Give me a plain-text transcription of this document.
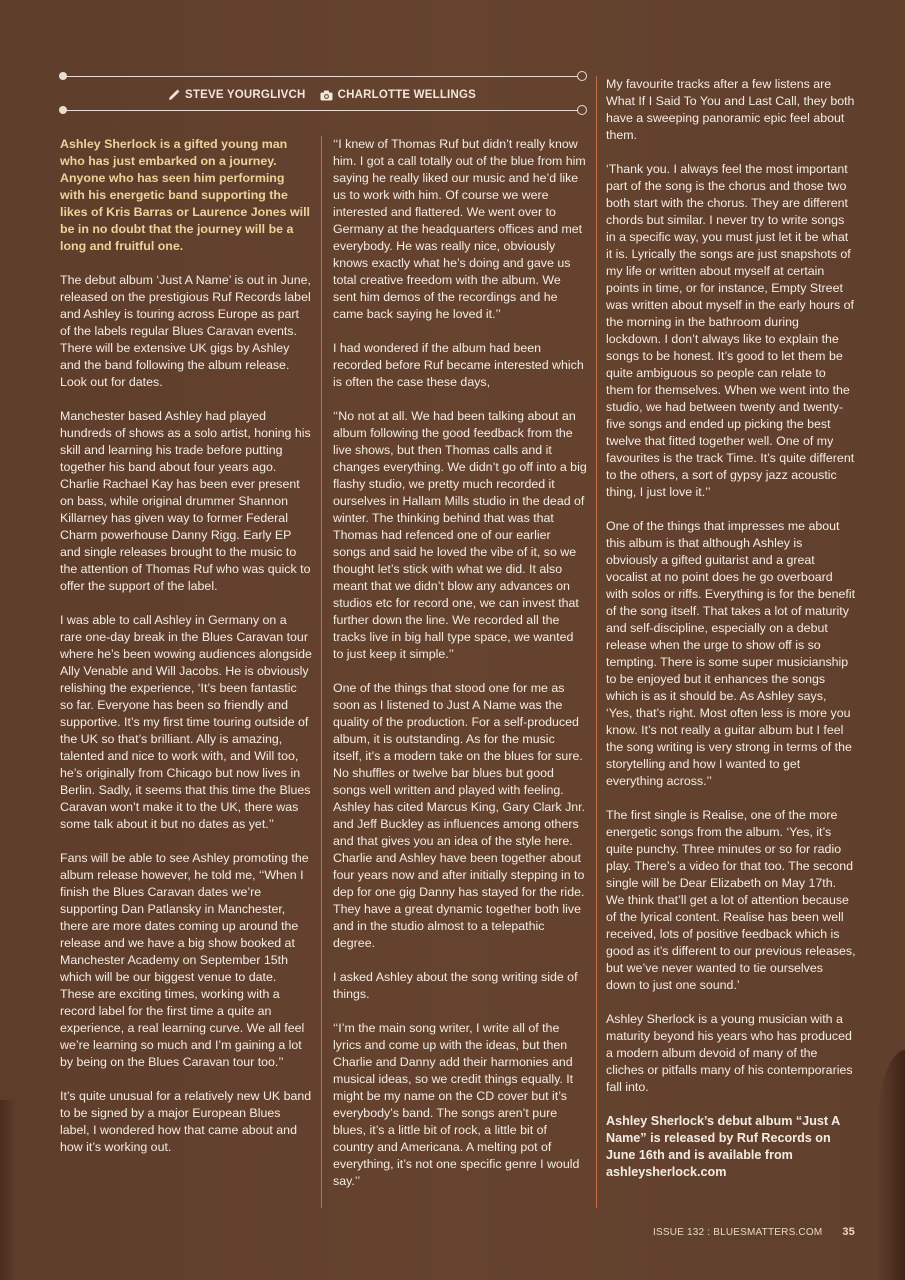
STEVE YOURGLIVCH	CHARLOTTE WELLINGS

Ashley Sherlock is a gifted young man who has just embarked on a journey. Anyone who has seen him performing with his energetic band supporting the likes of Kris Barras or Laurence Jones will be in no doubt that the journey will be a long and fruitful one.

The debut album ‘Just A Name’ is out in June, released on the prestigious Ruf Records label and Ashley is touring across Europe as part of the labels regular Blues Caravan events. There will be extensive UK gigs by Ashley and the band following the album release. Look out for dates.

Manchester based Ashley had played hundreds of shows as a solo artist, honing his skill and learning his trade before putting together his band about four years ago. Charlie Rachael Kay has been ever present on bass, while original drummer Shannon Killarney has given way to former Federal Charm powerhouse Danny Rigg. Early EP and single releases brought to the music to the attention of Thomas Ruf who was quick to offer the support of the label.

I was able to call Ashley in Germany on a rare one-day break in the Blues Caravan tour where he’s been wowing audiences alongside Ally Venable and Will Jacobs. He is obviously relishing the experience, ‘It’s been fantastic so far. Everyone has been so friendly and supportive. It’s my first time touring outside of the UK so that’s brilliant. Ally is amazing, talented and nice to work with, and Will too, he’s originally from Chicago but now lives in Berlin. Sadly, it seems that this time the Blues Caravan won’t make it to the UK, there was some talk about it but no dates as yet.’’

Fans will be able to see Ashley promoting the album release however, he told me, ‘‘When I finish the Blues Caravan dates we’re supporting Dan Patlansky in Manchester, there are more dates coming up around the release and we have a big show booked at Manchester Academy on September 15th which will be our biggest venue to date. These are exciting times, working with a record label for the first time a quite an experience, a real learning curve. We all feel we’re learning so much and I’m gaining a lot by being on the Blues Caravan tour too.’’

It’s quite unusual for a relatively new UK band to be signed by a major European Blues label, I wondered how that came about and how it’s working out.

‘‘I knew of Thomas Ruf but didn’t really know him. I got a call totally out of the blue from him saying he really liked our music and he’d like us to work with him. Of course we were interested and flattered. We went over to Germany at the headquarters offices and met everybody. He was really nice, obviously knows exactly what he’s doing and gave us total creative freedom with the album. We sent him demos of the recordings and he came back saying he loved it.’’

I had wondered if the album had been recorded before Ruf became interested which is often the case these days,

‘‘No not at all. We had been talking about an album following the good feedback from the live shows, but then Thomas calls and it changes everything. We didn’t go off into a big flashy studio, we pretty much recorded it ourselves in Hallam Mills studio in the dead of winter. The thinking behind that was that Thomas had refenced one of our earlier songs and said he loved the vibe of it, so we thought let’s stick with what we did. It also meant that we didn’t blow any advances on studios etc for record one, we can invest that further down the line. We recorded all the tracks live in big hall type space, we wanted to just keep it simple.’’

One of the things that stood one for me as soon as I listened to Just A Name was the quality of the production. For a self-produced album, it is outstanding. As for the music itself, it’s a modern take on the blues for sure. No shuffles or twelve bar blues but good songs well written and played with feeling. Ashley has cited Marcus King, Gary Clark Jnr. and Jeff Buckley as influences among others and that gives you an idea of the style here. Charlie and Ashley have been together about four years now and after initially stepping in to dep for one gig Danny has stayed for the ride. They have a great dynamic together both live and in the studio almost to a telepathic degree.

I asked Ashley about the song writing side of things.

‘‘I’m the main song writer, I write all of the lyrics and come up with the ideas, but then Charlie and Danny add their harmonies and musical ideas, so we credit things equally. It might be my name on the CD cover but it’s everybody’s band. The songs aren’t pure blues, it’s a little bit of rock, a little bit of country and Americana. A melting pot of everything, it’s not one specific genre I would say.’’

My favourite tracks after a few listens are What If I Said To You and Last Call, they both have a sweeping panoramic epic feel about them.

‘Thank you. I always feel the most important part of the song is the chorus and those two both start with the chorus. They are different chords but similar. I never try to write songs in a specific way, you must just let it be what it is. Lyrically the songs are just snapshots of my life or written about myself at certain points in time, or for instance, Empty Street was written about myself in the early hours of the morning in the bathroom during lockdown. I don’t always like to explain the songs to be honest. It’s good to let them be quite ambiguous so people can relate to them for themselves. When we went into the studio, we had between twenty and twenty-five songs and ended up picking the best twelve that fitted together well. One of my favourites is the track Time. It’s quite different to the others, a sort of gypsy jazz acoustic thing, I just love it.’’

One of the things that impresses me about this album is that although Ashley is obviously a gifted guitarist and a great vocalist at no point does he go overboard with solos or riffs. Everything is for the benefit of the song itself. That takes a lot of maturity and self-discipline, especially on a debut release when the urge to show off is so tempting. There is some super musicianship to be enjoyed but it enhances the songs which is as it should be. As Ashley says, ‘Yes, that’s right. Most often less is more you know. It’s not really a guitar album but I feel the song writing is very strong in terms of the storytelling and how I wanted to get everything across.’’

The first single is Realise, one of the more energetic songs from the album. ‘Yes, it’s quite punchy. Three minutes or so for radio play. There’s a video for that too. The second single will be Dear Elizabeth on May 17th. We think that’ll get a lot of attention because of the lyrical content. Realise has been well received, lots of positive feedback which is good as it’s different to our previous releases, but we’ve never wanted to tie ourselves down to just one sound.’

Ashley Sherlock is a young musician with a maturity beyond his years who has produced a modern album devoid of many of the cliches or pitfalls many of his contemporaries fall into.

Ashley Sherlock’s debut album “Just A Name” is released by Ruf Records on June 16th and is available from ashleysherlock.com

ISSUE 132 : BLUESMATTERS.COM 35
